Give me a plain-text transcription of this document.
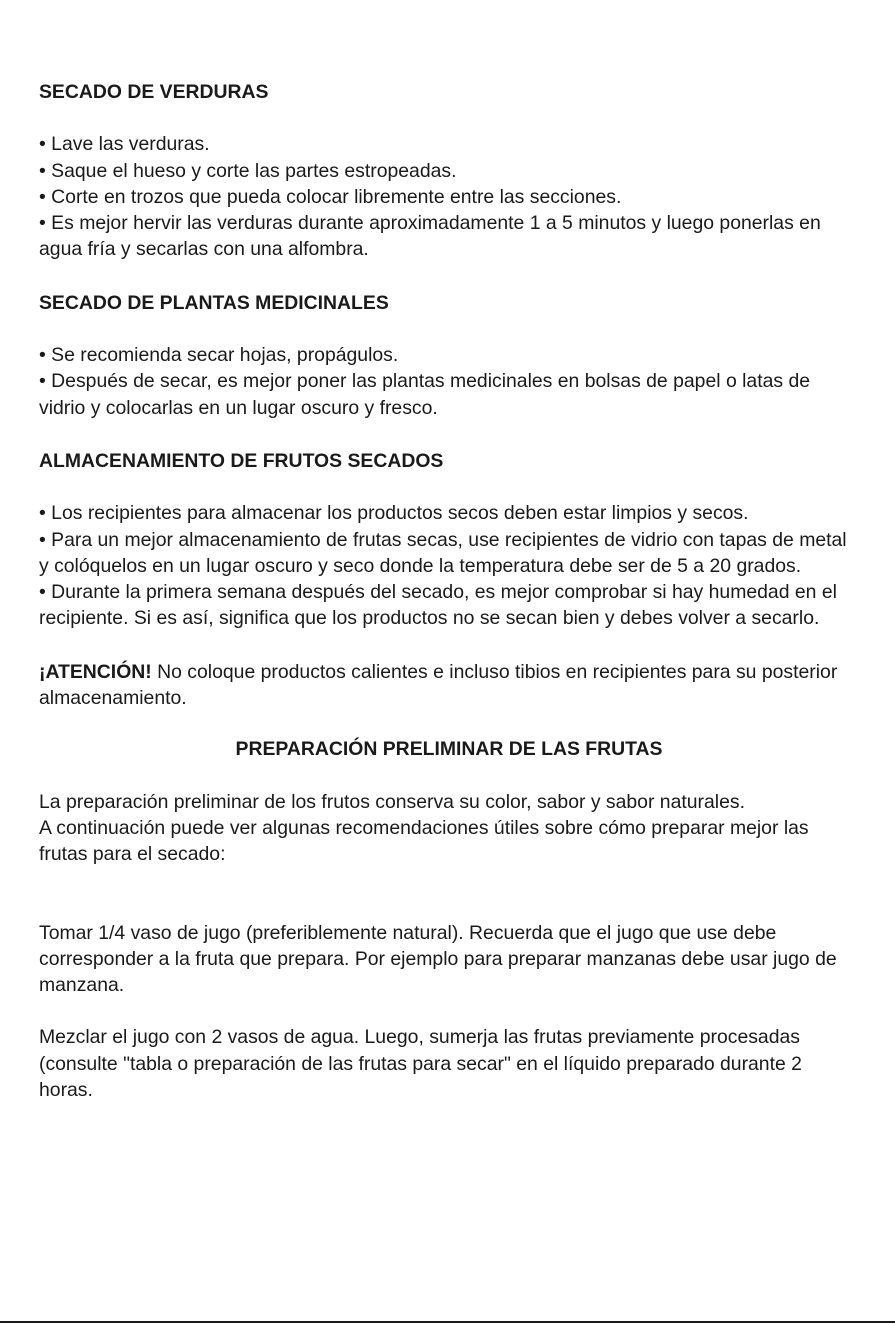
SECADO DE VERDURAS

• Lave las verduras.

• Saque el hueso y corte las partes estropeadas.

• Corte en trozos que pueda colocar libremente entre las secciones.

• Es mejor hervir las verduras durante aproximadamente 1 a 5 minutos y luego ponerlas en agua fría y secarlas con una alfombra.

SECADO DE PLANTAS MEDICINALES

• Se recomienda secar hojas, propágulos.

• Después de secar, es mejor poner las plantas medicinales en bolsas de papel o latas de vidrio y colocarlas en un lugar oscuro y fresco.

ALMACENAMIENTO DE FRUTOS SECADOS

• Los recipientes para almacenar los productos secos deben estar limpios y secos.

• Para un mejor almacenamiento de frutas secas, use recipientes de vidrio con tapas de metal y colóquelos en un lugar oscuro y seco donde la temperatura debe ser de 5 a 20 grados.

• Durante la primera semana después del secado, es mejor comprobar si hay humedad en el recipiente. Si es así, significa que los productos no se secan bien y debes volver a secarlo.

¡ATENCIÓN! No coloque productos calientes e incluso tibios en recipientes para su posterior almacenamiento.

PREPARACIÓN PRELIMINAR DE LAS FRUTAS

La preparación preliminar de los frutos conserva su color, sabor y sabor naturales.

A continuación puede ver algunas recomendaciones útiles sobre cómo preparar mejor las frutas para el secado:

Tomar 1/4 vaso de jugo (preferiblemente natural). Recuerda que el jugo que use debe corresponder a la fruta que prepara. Por ejemplo para preparar manzanas debe usar jugo de manzana.

Mezclar el jugo con 2 vasos de agua. Luego, sumerja las frutas previamente procesadas (consulte "tabla o preparación de las frutas para secar" en el líquido preparado durante 2 horas.
